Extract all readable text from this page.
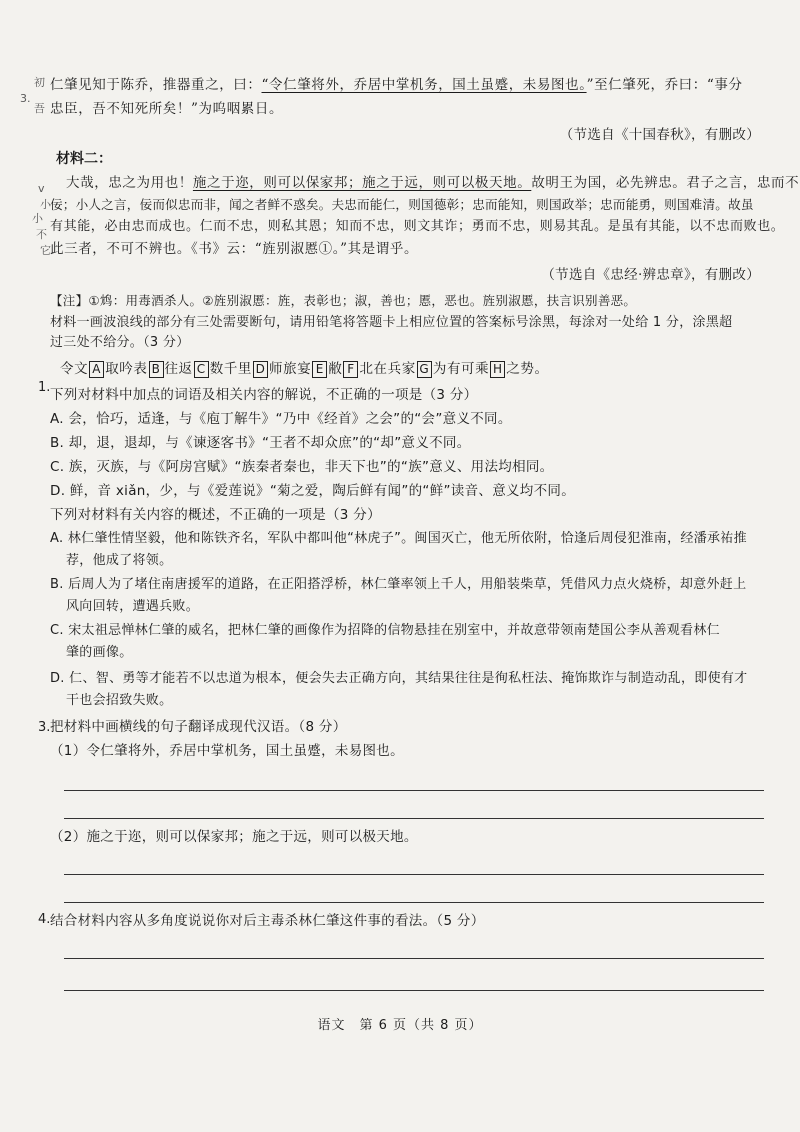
初
3.
吾
v
小
小
不
它
1.
3.
4.
仁肇见知于陈乔，推器重之，曰：“令仁肇将外，乔居中掌机务，国土虽蹙，未易图也。”至仁肇死，乔曰：“事分
忠臣，吾不知死所矣！”为呜咽累日。
（节选自《十国春秋》，有删改）
材料二：
大哉，忠之为用也！施之于迩，则可以保家邦；施之于远，则可以极天地。故明王为国，必先辨忠。君子之言，忠而不
佞；小人之言，佞而似忠而非，闻之者鲜不惑矣。夫忠而能仁，则国德彰；忠而能知，则国政举；忠而能勇，则国难清。故虽
有其能，必由忠而成也。仁而不忠，则私其恩；知而不忠，则文其诈；勇而不忠，则易其乱。是虽有其能，以不忠而败也。
此三者，不可不辨也。《书》云：“旌别淑慝①。”其是谓乎。
（节选自《忠经·辨忠章》，有删改）
【注】①鸩：用毒酒杀人。②旌别淑慝：旌，表彰也；淑，善也；慝，恶也。旌别淑慝，扶言识别善恶。
材料一画波浪线的部分有三处需要断句，请用铅笔将答题卡上相应位置的答案标号涂黑，每涂对一处给 1 分，涂黑超
过三处不给分。（3 分）
令文 A 取吟表 B 往返 C 数千里 D 师旅宴 E 敝 F 北在兵家 G 为有可乘 H 之势。
下列对材料中加点的词语及相关内容的解说，不正确的一项是（3 分）
A. 会，恰巧，适逢，与《庖丁解牛》“乃中《经首》之会”的“会”意义不同。
B. 却，退，退却，与《谏逐客书》“王者不却众庶”的“却”意义不同。
C. 族，灭族，与《阿房宫赋》“族秦者秦也，非天下也”的“族”意义、用法均相同。
D. 鲜，音 xiǎn，少，与《爱莲说》“菊之爱，陶后鲜有闻”的“鲜”读音、意义均不同。
下列对材料有关内容的概述，不正确的一项是（3 分）
A. 林仁肇性情坚毅，他和陈铁齐名，军队中都叫他“林虎子”。闽国灭亡，他无所依附，恰逢后周侵犯淮南，经潘承祐推
荐，他成了将领。
B. 后周人为了堵住南唐援军的道路，在正阳搭浮桥，林仁肇率领上千人，用船装柴草，凭借风力点火烧桥，却意外赶上
风向回转，遭遇兵败。
C. 宋太祖忌惮林仁肇的威名，把林仁肇的画像作为招降的信物悬挂在别室中，并故意带领南楚国公李从善观看林仁
肇的画像。
D. 仁、智、勇等才能若不以忠道为根本，便会失去正确方向，其结果往往是徇私枉法、掩饰欺诈与制造动乱，即使有才
干也会招致失败。
把材料中画横线的句子翻译成现代汉语。（8 分）
（1）令仁肇将外，乔居中掌机务，国土虽蹙，未易图也。
（2）施之于迩，则可以保家邦；施之于远，则可以极天地。
结合材料内容从多角度说说你对后主毒杀林仁肇这件事的看法。（5 分）
语文　第 6 页（共 8 页）
